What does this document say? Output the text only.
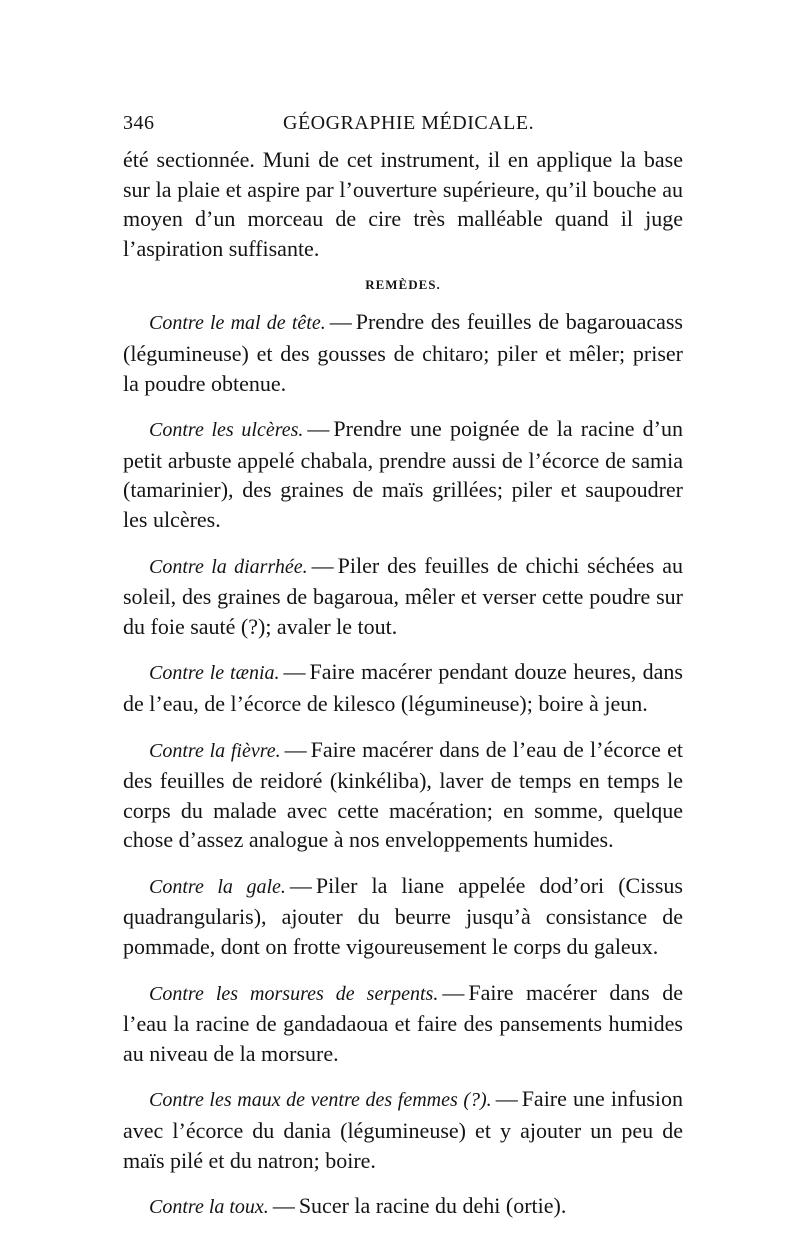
346	GÉOGRAPHIE MÉDICALE.

été sectionnée. Muni de cet instrument, il en applique la base sur la plaie et aspire par l’ouverture supérieure, qu’il bouche au moyen d’un morceau de cire très malléable quand il juge l’aspiration suffisante.

REMÈDES.

Contre le mal de tête. — Prendre des feuilles de bagarouacass (légumineuse) et des gousses de chitaro; piler et mêler; priser la poudre obtenue.

Contre les ulcères. — Prendre une poignée de la racine d’un petit arbuste appelé chabala, prendre aussi de l’écorce de samia (tamarinier), des graines de maïs grillées; piler et saupoudrer les ulcères.

Contre la diarrhée. — Piler des feuilles de chichi séchées au soleil, des graines de bagaroua, mêler et verser cette poudre sur du foie sauté (?); avaler le tout.

Contre le tænia. — Faire macérer pendant douze heures, dans de l’eau, de l’écorce de kilesco (légumineuse); boire à jeun.

Contre la fièvre. — Faire macérer dans de l’eau de l’écorce et des feuilles de reidoré (kinkéliba), laver de temps en temps le corps du malade avec cette macération; en somme, quelque chose d’assez analogue à nos enveloppements humides.

Contre la gale. — Piler la liane appelée dod’ori (Cissus quadrangularis), ajouter du beurre jusqu’à consistance de pommade, dont on frotte vigoureusement le corps du galeux.

Contre les morsures de serpents. — Faire macérer dans de l’eau la racine de gandadaoua et faire des pansements humides au niveau de la morsure.

Contre les maux de ventre des femmes (?). — Faire une infusion avec l’écorce du dania (légumineuse) et y ajouter un peu de maïs pilé et du natron; boire.

Contre la toux. — Sucer la racine du dehi (ortie).
